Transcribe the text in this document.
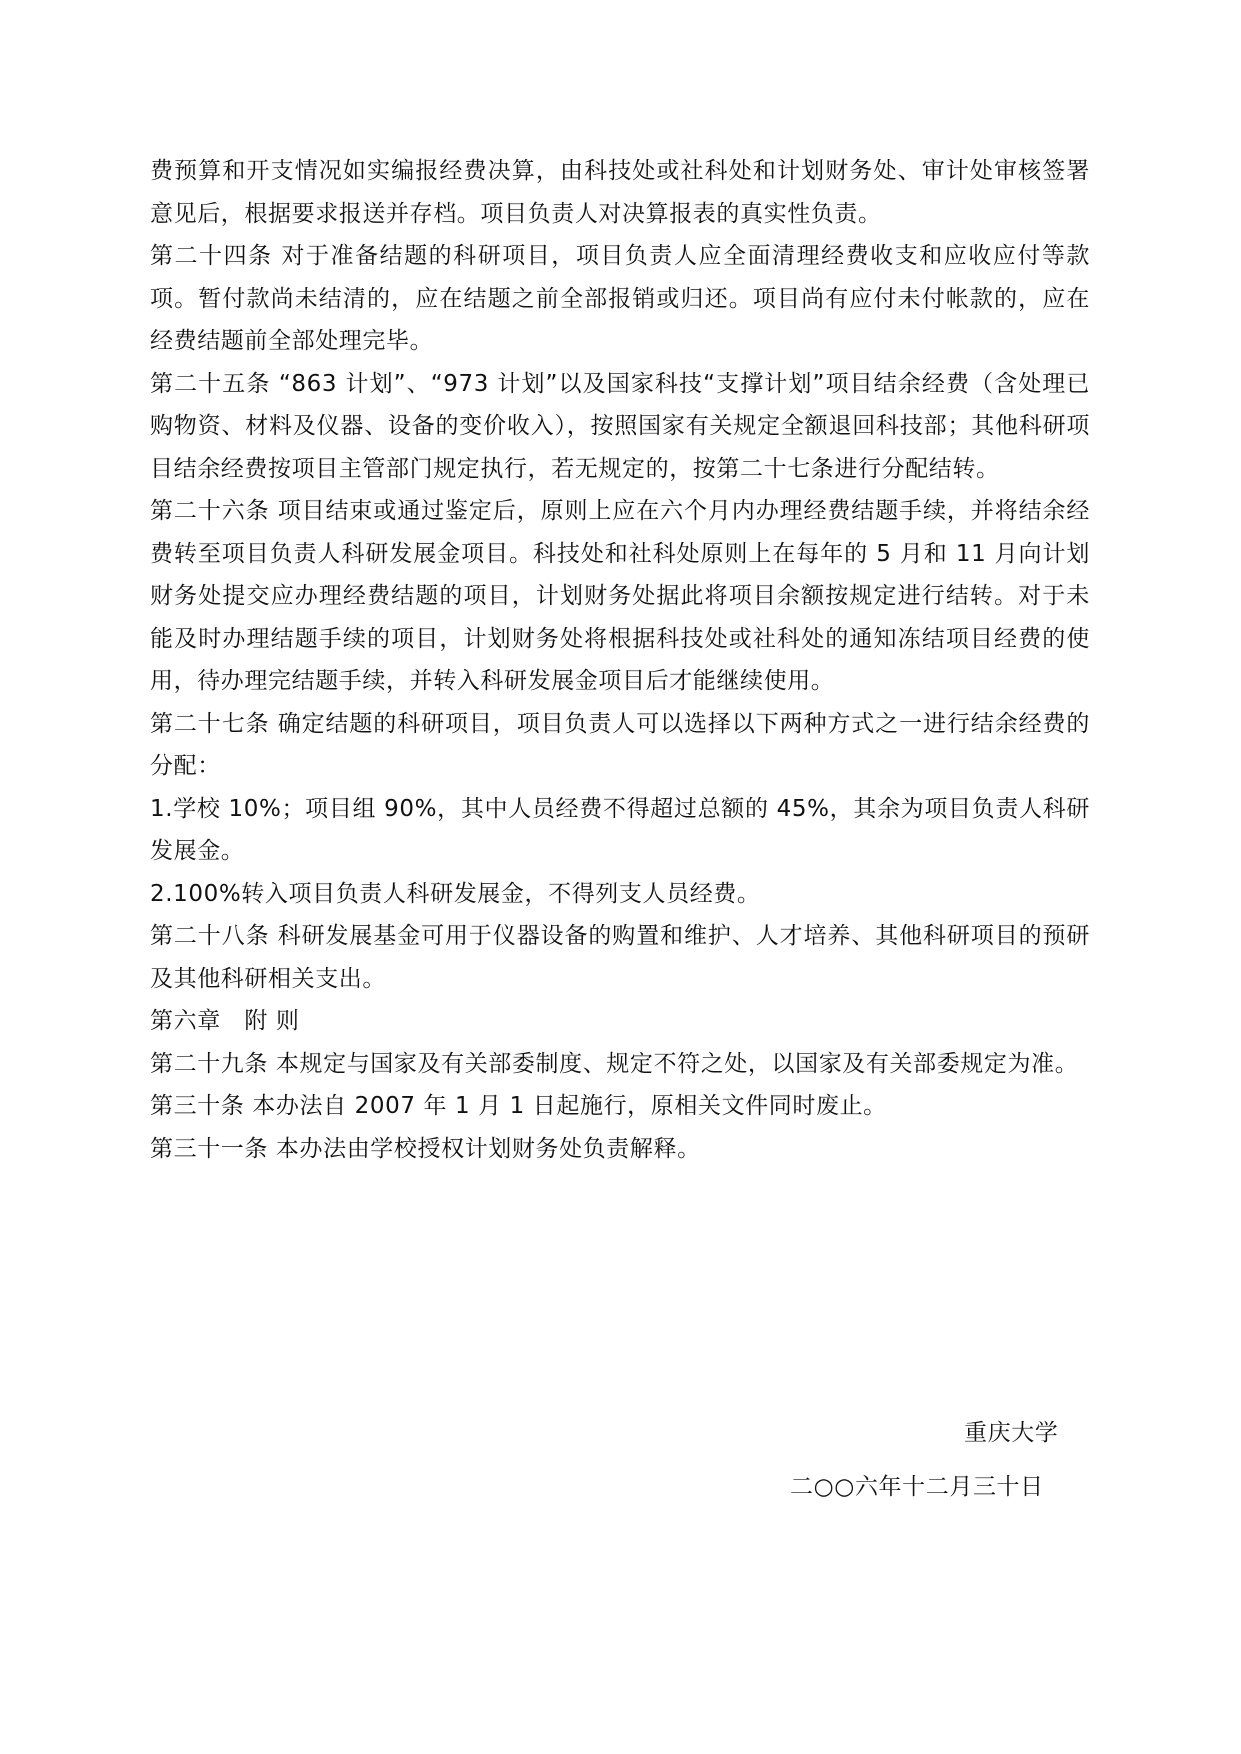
费预算和开支情况如实编报经费决算，由科技处或社科处和计划财务处、审计处审核签署意见后，根据要求报送并存档。项目负责人对决算报表的真实性负责。

第二十四条 对于准备结题的科研项目，项目负责人应全面清理经费收支和应收应付等款项。暂付款尚未结清的，应在结题之前全部报销或归还。项目尚有应付未付帐款的，应在经费结题前全部处理完毕。

第二十五条 “863 计划”、“973 计划”以及国家科技“支撑计划”项目结余经费（含处理已购物资、材料及仪器、设备的变价收入），按照国家有关规定全额退回科技部；其他科研项目结余经费按项目主管部门规定执行，若无规定的，按第二十七条进行分配结转。

第二十六条 项目结束或通过鉴定后，原则上应在六个月内办理经费结题手续，并将结余经费转至项目负责人科研发展金项目。科技处和社科处原则上在每年的 5 月和 11 月向计划财务处提交应办理经费结题的项目，计划财务处据此将项目余额按规定进行结转。对于未能及时办理结题手续的项目，计划财务处将根据科技处或社科处的通知冻结项目经费的使用，待办理完结题手续，并转入科研发展金项目后才能继续使用。

第二十七条 确定结题的科研项目，项目负责人可以选择以下两种方式之一进行结余经费的分配：

1.学校 10%；项目组 90%，其中人员经费不得超过总额的 45%，其余为项目负责人科研发展金。

2.100%转入项目负责人科研发展金，不得列支人员经费。

第二十八条 科研发展基金可用于仪器设备的购置和维护、人才培养、其他科研项目的预研及其他科研相关支出。

第六章　附 则

第二十九条 本规定与国家及有关部委制度、规定不符之处，以国家及有关部委规定为准。

第三十条 本办法自 2007 年 1 月 1 日起施行，原相关文件同时废止。

第三十一条 本办法由学校授权计划财务处负责解释。

重庆大学
二○○六年十二月三十日
